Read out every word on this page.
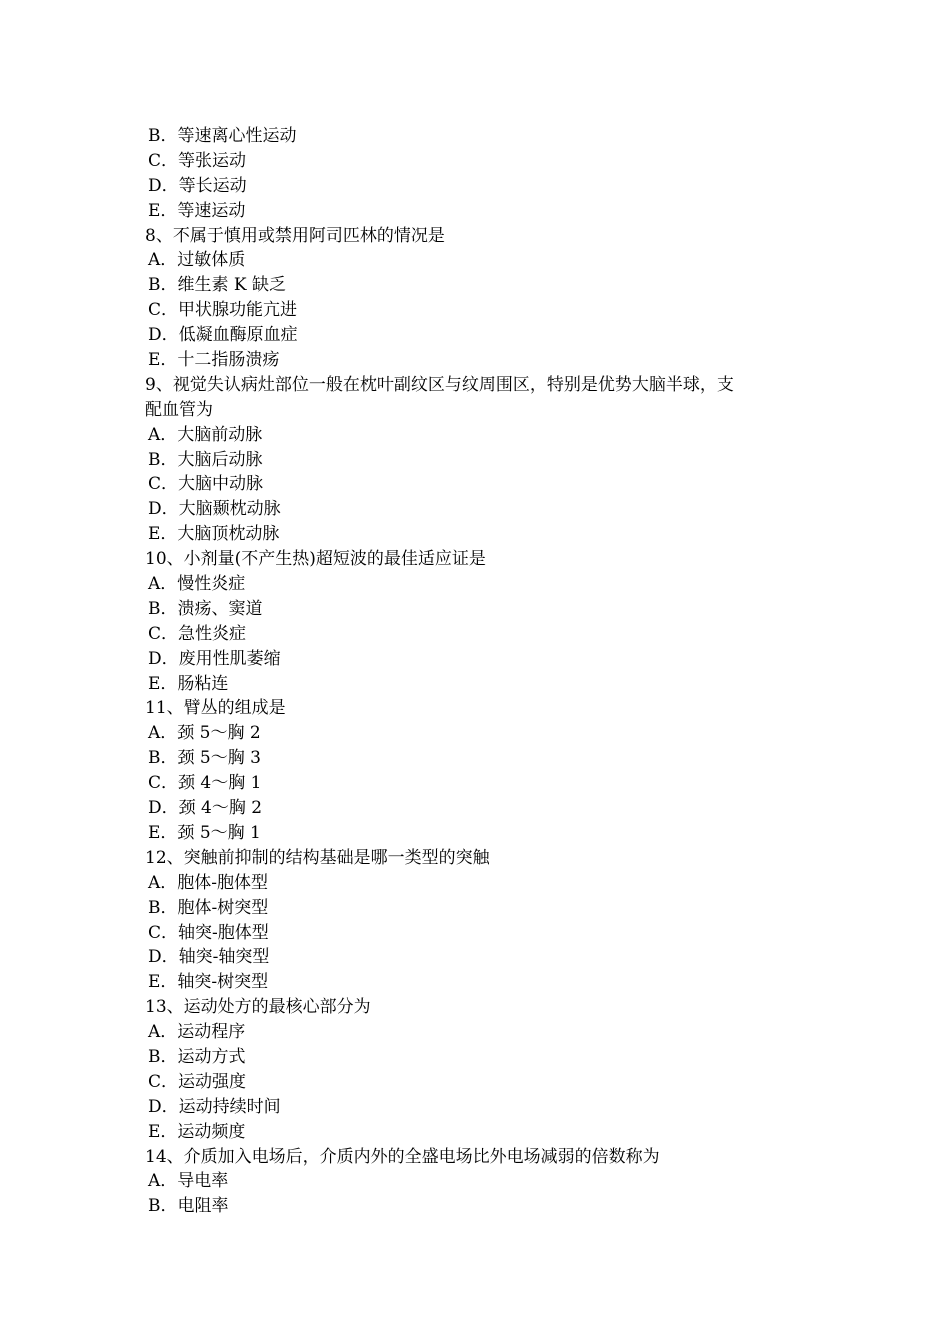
B．等速离心性运动
C．等张运动
D．等长运动
E．等速运动
8、不属于慎用或禁用阿司匹林的情况是
A．过敏体质
B．维生素 K 缺乏
C．甲状腺功能亢进
D．低凝血酶原血症
E．十二指肠溃疡
9、视觉失认病灶部位一般在枕叶副纹区与纹周围区，特别是优势大脑半球，支
配血管为
A．大脑前动脉
B．大脑后动脉
C．大脑中动脉
D．大脑颞枕动脉
E．大脑顶枕动脉
10、小剂量(不产生热)超短波的最佳适应证是
A．慢性炎症
B．溃疡、窦道
C．急性炎症
D．废用性肌萎缩
E．肠粘连
11、臂丛的组成是
A．颈 5～胸 2
B．颈 5～胸 3
C．颈 4～胸 1
D．颈 4～胸 2
E．颈 5～胸 1
12、突触前抑制的结构基础是哪一类型的突触
A．胞体-胞体型
B．胞体-树突型
C．轴突-胞体型
D．轴突-轴突型
E．轴突-树突型
13、运动处方的最核心部分为
A．运动程序
B．运动方式
C．运动强度
D．运动持续时间
E．运动频度
14、介质加入电场后，介质内外的全盛电场比外电场减弱的倍数称为
A．导电率
B．电阻率
